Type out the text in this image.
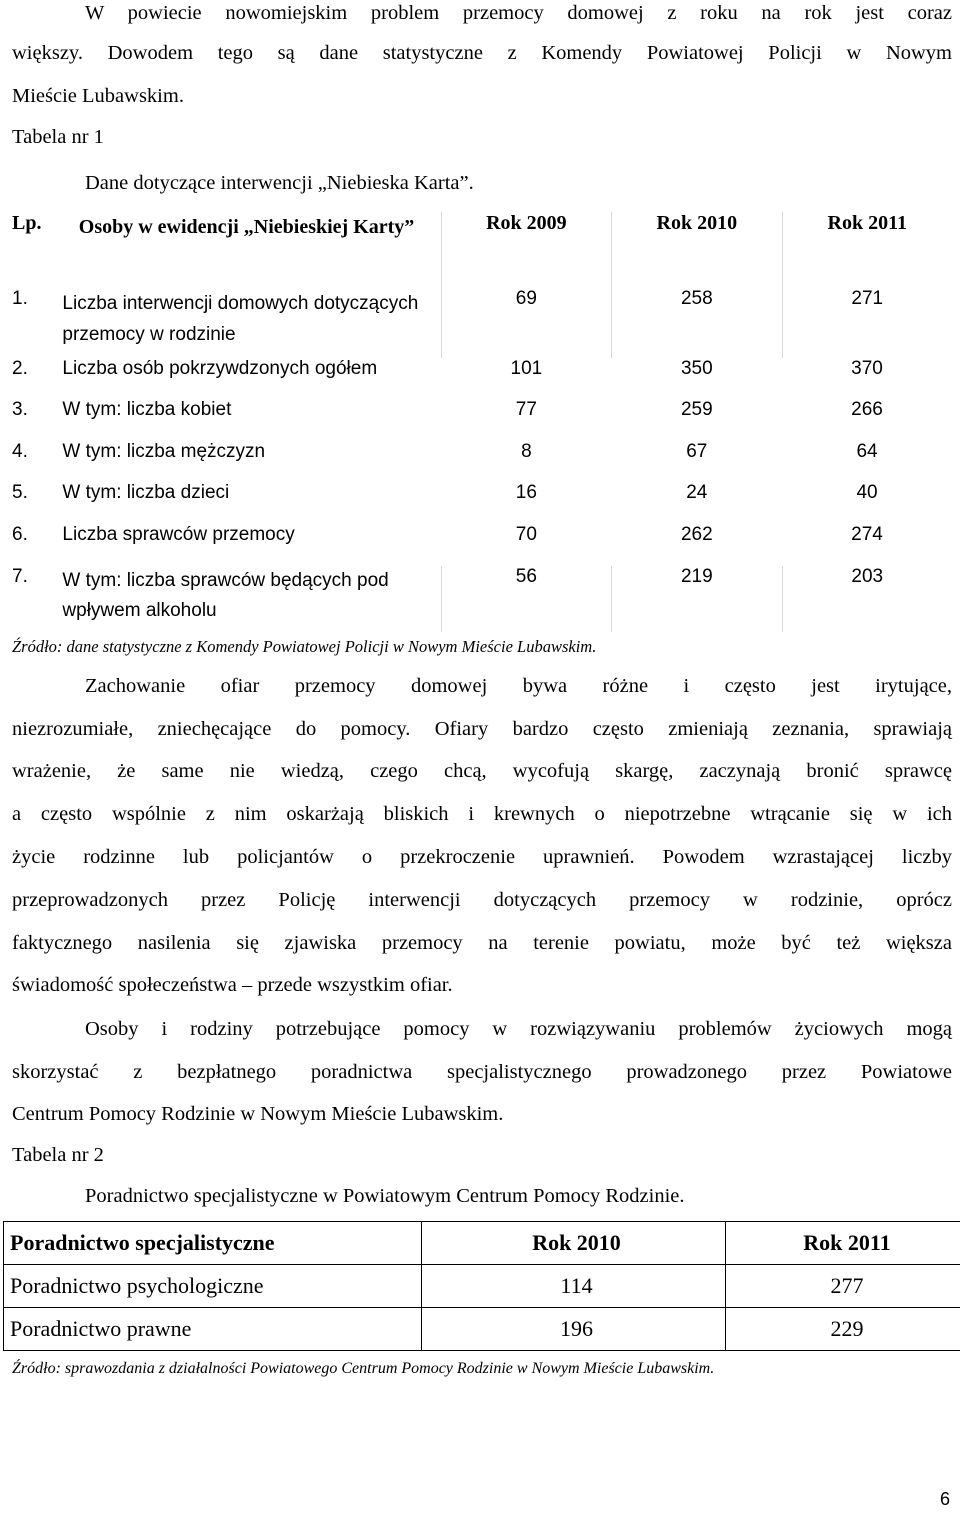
W powiecie nowomiejskim problem przemocy domowej z roku na rok jest coraz
większy. Dowodem tego są dane statystyczne z Komendy Powiatowej Policji w Nowym
Mieście Lubawskim.
Tabela nr 1
Dane dotyczące interwencji „Niebieska Karta”.
Lp.	Osoby w ewidencji „Niebieskiej Karty”	Rok 2009	Rok 2010	Rok 2011
1.	Liczba interwencji domowych dotyczących przemocy w rodzinie	69	258	271
2.	Liczba osób pokrzywdzonych ogółem	101	350	370
3.	W tym: liczba kobiet	77	259	266
4.	W tym: liczba mężczyzn	8	67	64
5.	W tym: liczba dzieci	16	24	40
6.	Liczba sprawców przemocy	70	262	274
7.	W tym: liczba sprawców będących pod wpływem alkoholu	56	219	203
Źródło: dane statystyczne z Komendy Powiatowej Policji w Nowym Mieście Lubawskim.
Zachowanie ofiar przemocy domowej bywa różne i często jest irytujące,
niezrozumiałe, zniechęcające do pomocy. Ofiary bardzo często zmieniają zeznania, sprawiają
wrażenie, że same nie wiedzą, czego chcą, wycofują skargę, zaczynają bronić sprawcę
a często wspólnie z nim oskarżają bliskich i krewnych o niepotrzebne wtrącanie się w ich
życie rodzinne lub policjantów o przekroczenie uprawnień. Powodem wzrastającej liczby
przeprowadzonych przez Policję interwencji dotyczących przemocy w rodzinie, oprócz
faktycznego nasilenia się zjawiska przemocy na terenie powiatu, może być też większa
świadomość społeczeństwa – przede wszystkim ofiar.
Osoby i rodziny potrzebujące pomocy w rozwiązywaniu problemów życiowych mogą
skorzystać z bezpłatnego poradnictwa specjalistycznego prowadzonego przez Powiatowe
Centrum Pomocy Rodzinie w Nowym Mieście Lubawskim.
Tabela nr 2
Poradnictwo specjalistyczne w Powiatowym Centrum Pomocy Rodzinie.
Poradnictwo specjalistyczne	Rok 2010	Rok 2011
Poradnictwo psychologiczne	114	277
Poradnictwo prawne	196	229
Źródło: sprawozdania z działalności Powiatowego Centrum Pomocy Rodzinie w Nowym Mieście Lubawskim.
6
